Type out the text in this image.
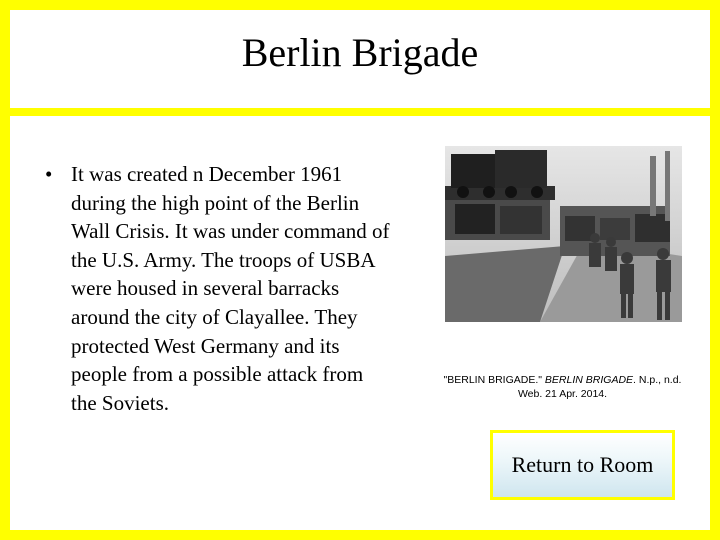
Berlin Brigade
• It was created n December 1961 during the high point of the Berlin Wall Crisis. It was under command of the U.S. Army. The troops of USBA were housed in several barracks around the city of Clayallee. They protected West Germany and its people from a possible attack from the Soviets.
"BERLIN BRIGADE." BERLIN BRIGADE. N.p., n.d. Web. 21 Apr. 2014.
Return to Room
